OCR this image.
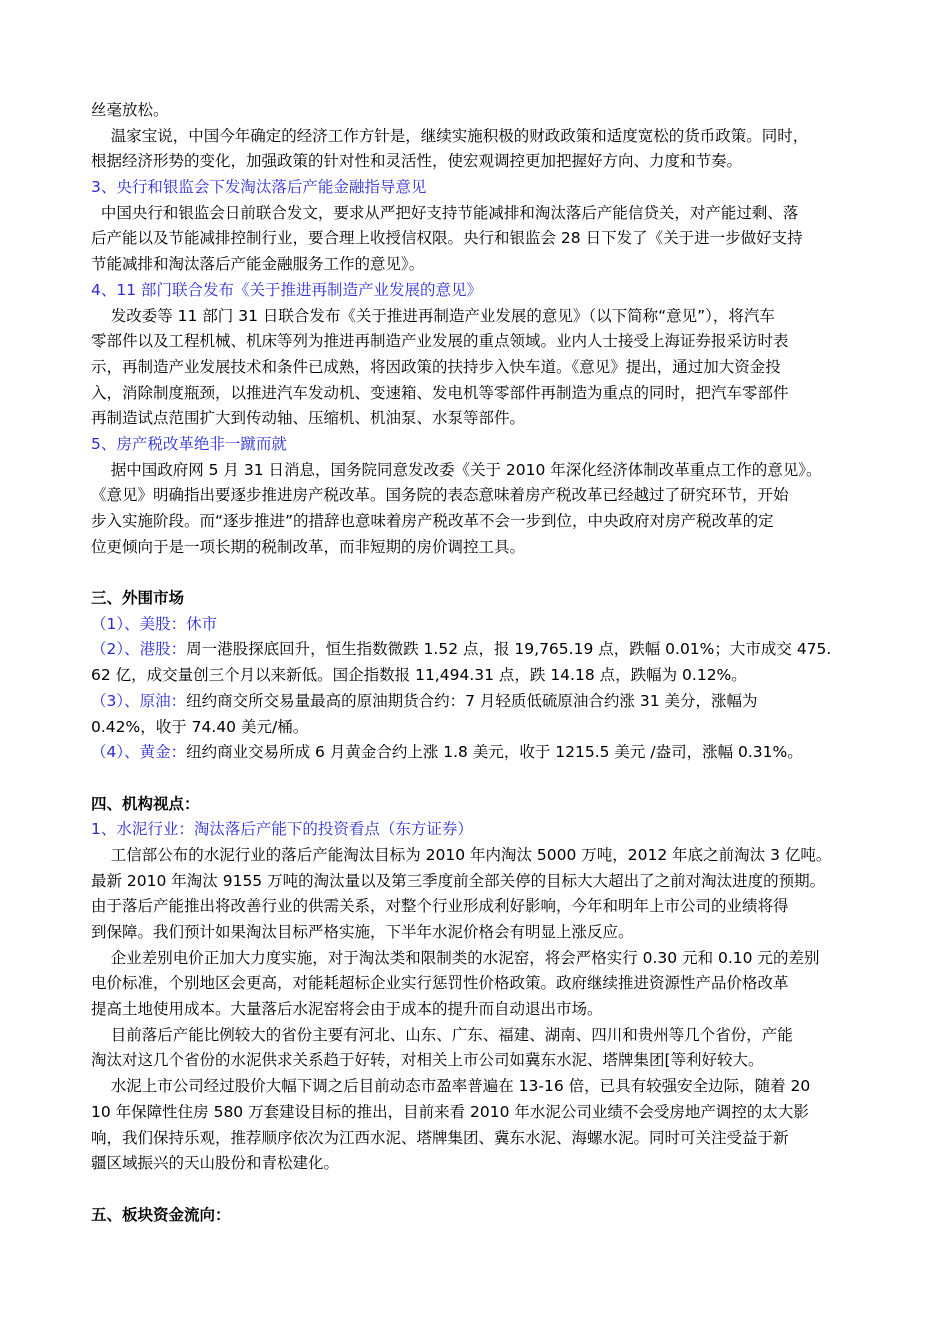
丝毫放松。
温家宝说，中国今年确定的经济工作方针是，继续实施积极的财政政策和适度宽松的货币政策。同时，
根据经济形势的变化，加强政策的针对性和灵活性，使宏观调控更加把握好方向、力度和节奏。
3、央行和银监会下发淘汰落后产能金融指导意见
中国央行和银监会日前联合发文，要求从严把好支持节能减排和淘汰落后产能信贷关，对产能过剩、落
后产能以及节能减排控制行业，要合理上收授信权限。央行和银监会 28 日下发了《关于进一步做好支持
节能减排和淘汰落后产能金融服务工作的意见》。
4、11 部门联合发布《关于推进再制造产业发展的意见》
发改委等 11 部门 31 日联合发布《关于推进再制造产业发展的意见》（以下简称“意见”），将汽车
零部件以及工程机械、机床等列为推进再制造产业发展的重点领域。业内人士接受上海证券报采访时表
示，再制造产业发展技术和条件已成熟，将因政策的扶持步入快车道。《意见》提出，通过加大资金投
入，消除制度瓶颈，以推进汽车发动机、变速箱、发电机等零部件再制造为重点的同时，把汽车零部件
再制造试点范围扩大到传动轴、压缩机、机油泵、水泵等部件。
5、房产税改革绝非一蹴而就
据中国政府网 5 月 31 日消息，国务院同意发改委《关于 2010 年深化经济体制改革重点工作的意见》。
《意见》明确指出要逐步推进房产税改革。国务院的表态意味着房产税改革已经越过了研究环节，开始
步入实施阶段。而“逐步推进”的措辞也意味着房产税改革不会一步到位，中央政府对房产税改革的定
位更倾向于是一项长期的税制改革，而非短期的房价调控工具。
三、外围市场
（1）、美股：休市
（2）、港股：周一港股探底回升，恒生指数微跌 1.52 点，报 19,765.19 点，跌幅 0.01%；大市成交 475.
62 亿，成交量创三个月以来新低。国企指数报 11,494.31 点，跌 14.18 点，跌幅为 0.12%。
（3）、原油：纽约商交所交易量最高的原油期货合约：7 月轻质低硫原油合约涨 31 美分，涨幅为
0.42%，收于 74.40 美元/桶。
（4）、黄金：纽约商业交易所成 6 月黄金合约上涨 1.8 美元，收于 1215.5 美元 /盎司，涨幅 0.31%。
四、机构视点：
1、水泥行业：淘汰落后产能下的投资看点（东方证券）
工信部公布的水泥行业的落后产能淘汰目标为 2010 年内淘汰 5000 万吨，2012 年底之前淘汰 3 亿吨。
最新 2010 年淘汰 9155 万吨的淘汰量以及第三季度前全部关停的目标大大超出了之前对淘汰进度的预期。
由于落后产能推出将改善行业的供需关系，对整个行业形成利好影响，今年和明年上市公司的业绩将得
到保障。我们预计如果淘汰目标严格实施，下半年水泥价格会有明显上涨反应。
企业差别电价正加大力度实施，对于淘汰类和限制类的水泥窑，将会严格实行 0.30 元和 0.10 元的差别
电价标准，个别地区会更高，对能耗超标企业实行惩罚性价格政策。政府继续推进资源性产品价格改革
提高土地使用成本。大量落后水泥窑将会由于成本的提升而自动退出市场。
目前落后产能比例较大的省份主要有河北、山东、广东、福建、湖南、四川和贵州等几个省份，产能
淘汰对这几个省份的水泥供求关系趋于好转，对相关上市公司如冀东水泥、塔牌集团[等利好较大。
水泥上市公司经过股价大幅下调之后目前动态市盈率普遍在 13-16 倍，已具有较强安全边际，随着 20
10 年保障性住房 580 万套建设目标的推出，目前来看 2010 年水泥公司业绩不会受房地产调控的太大影
响，我们保持乐观，推荐顺序依次为江西水泥、塔牌集团、冀东水泥、海螺水泥。同时可关注受益于新
疆区域振兴的天山股份和青松建化。
五、板块资金流向：
